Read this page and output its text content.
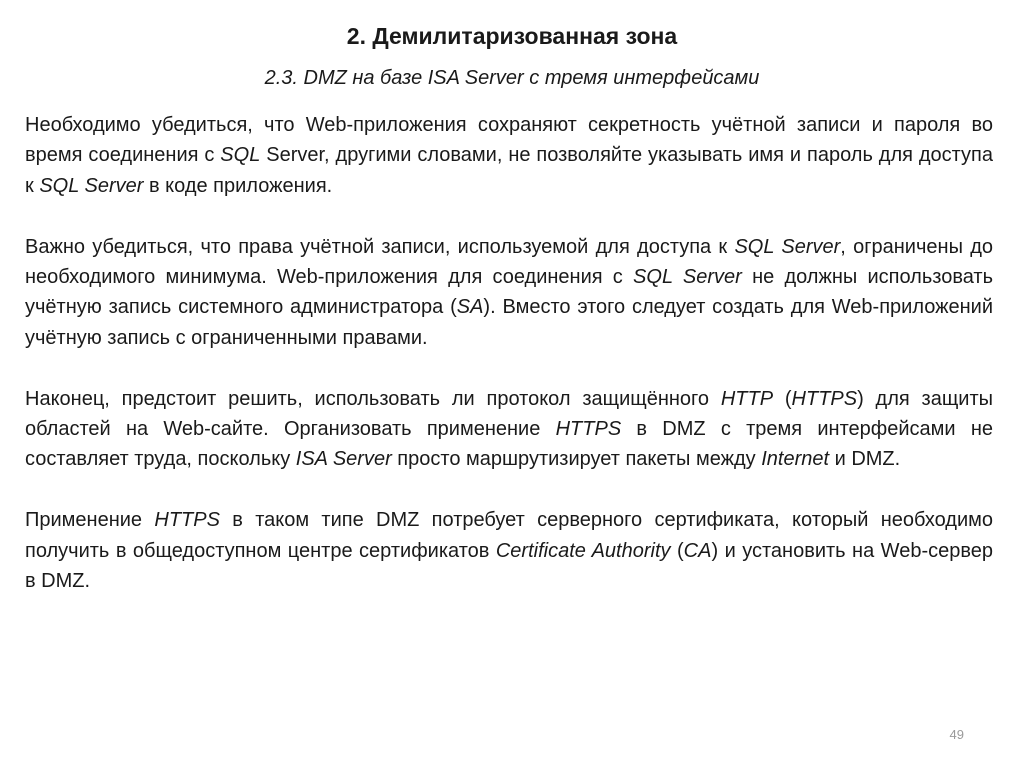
2. Демилитаризованная зона
2.3. DMZ на базе ISA Server с тремя интерфейсами

Необходимо убедиться, что Web-приложения сохраняют секретность учётной записи и пароля во время соединения с SQL Server, другими словами, не позволяйте указывать имя и пароль для доступа к SQL Server в коде приложения.

Важно убедиться, что права учётной записи, используемой для доступа к SQL Server, ограничены до необходимого минимума. Web-приложения для соединения с SQL Server не должны использовать учётную запись системного администратора (SA). Вместо этого следует создать для Web-приложений учётную запись с ограниченными правами.

Наконец, предстоит решить, использовать ли протокол защищённого HTTP (HTTPS) для защиты областей на Web-сайте. Организовать применение HTTPS в DMZ с тремя интерфейсами не составляет труда, поскольку ISA Server просто маршрутизирует пакеты между Internet и DMZ.

Применение HTTPS в таком типе DMZ потребует серверного сертификата, который необходимо получить в общедоступном центре сертификатов Certificate Authority (CA) и установить на Web-сервер в DMZ.

49
